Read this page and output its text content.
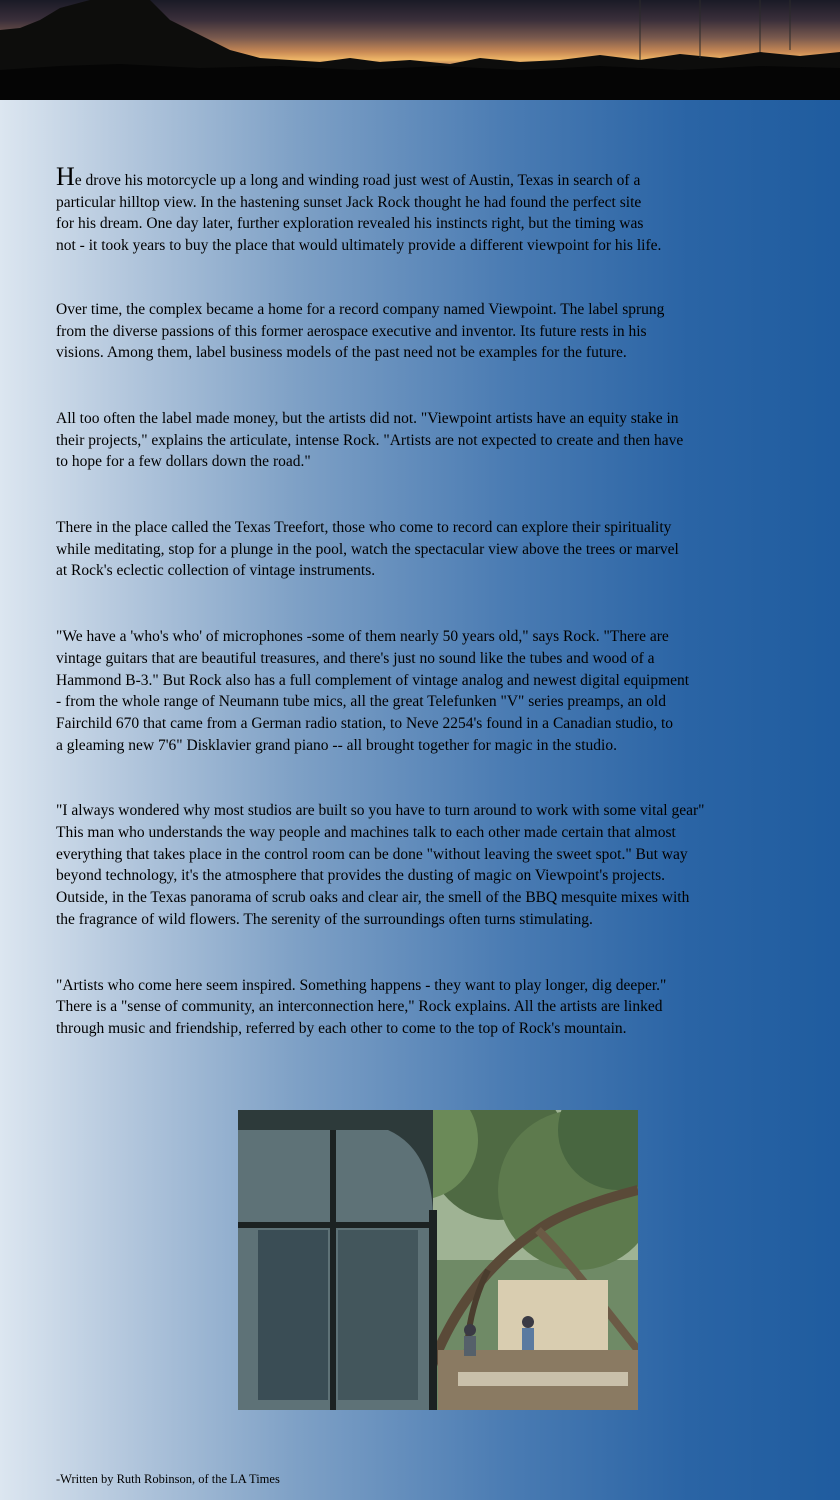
He drove his motorcycle up a long and winding road just west of Austin, Texas in search of a
particular hilltop view. In the hastening sunset Jack Rock thought he had found the perfect site
for his dream. One day later, further exploration revealed his instincts right, but the timing was
not - it took years to buy the place that would ultimately provide a different viewpoint for his life.

Over time, the complex became a home for a record company named Viewpoint. The label sprung
from the diverse passions of this former aerospace executive and inventor. Its future rests in his
visions. Among them, label business models of the past need not be examples for the future.

All too often the label made money, but the artists did not. "Viewpoint artists have an equity stake in
their projects," explains the articulate, intense Rock. "Artists are not expected to create and then have
to hope for a few dollars down the road."

There in the place called the Texas Treefort, those who come to record can explore their spirituality
while meditating, stop for a plunge in the pool, watch the spectacular view above the trees or marvel
at Rock's eclectic collection of vintage instruments.

"We have a 'who's who' of microphones -some of them nearly 50 years old," says Rock. "There are
vintage guitars that are beautiful treasures, and there's just no sound like the tubes and wood of a
Hammond B-3." But Rock also has a full complement of vintage analog and newest digital equipment
- from the whole range of Neumann tube mics, all the great Telefunken "V" series preamps, an old
Fairchild 670 that came from a German radio station, to Neve 2254's found in a Canadian studio, to
a gleaming new 7'6" Disklavier grand piano -- all brought together for magic in the studio.

"I always wondered why most studios are built so you have to turn around to work with some vital gear"
This man who understands the way people and machines talk to each other made certain that almost
everything that takes place in the control room can be done "without leaving the sweet spot." But way
beyond technology, it's the atmosphere that provides the dusting of magic on Viewpoint's projects.
Outside, in the Texas panorama of scrub oaks and clear air, the smell of the BBQ mesquite mixes with
the fragrance of wild flowers. The serenity of the surroundings often turns stimulating.

"Artists who come here seem inspired. Something happens - they want to play longer, dig deeper."
There is a "sense of community, an interconnection here," Rock explains. All the artists are linked
through music and friendship, referred by each other to come to the top of Rock's mountain.

-Written by Ruth Robinson, of the LA Times
